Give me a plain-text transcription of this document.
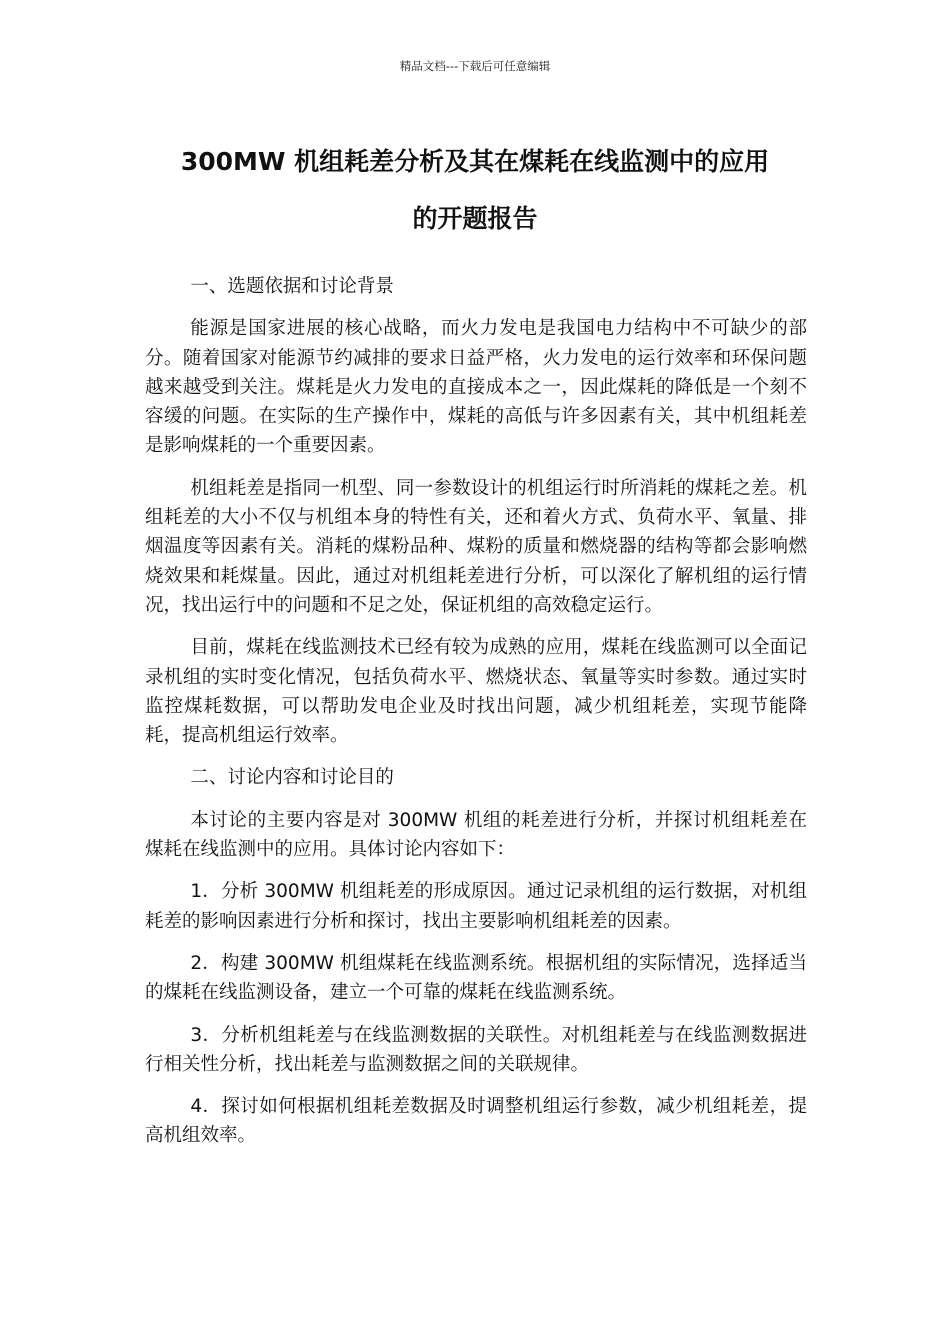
精品文档---下载后可任意编辑
300MW 机组耗差分析及其在煤耗在线监测中的应用
的开题报告

一、选题依据和讨论背景

能源是国家进展的核心战略，而火力发电是我国电力结构中不可缺少的部分。随着国家对能源节约减排的要求日益严格，火力发电的运行效率和环保问题越来越受到关注。煤耗是火力发电的直接成本之一，因此煤耗的降低是一个刻不容缓的问题。在实际的生产操作中，煤耗的高低与许多因素有关，其中机组耗差是影响煤耗的一个重要因素。

机组耗差是指同一机型、同一参数设计的机组运行时所消耗的煤耗之差。机组耗差的大小不仅与机组本身的特性有关，还和着火方式、负荷水平、氧量、排烟温度等因素有关。消耗的煤粉品种、煤粉的质量和燃烧器的结构等都会影响燃烧效果和耗煤量。因此，通过对机组耗差进行分析，可以深化了解机组的运行情况，找出运行中的问题和不足之处，保证机组的高效稳定运行。

目前，煤耗在线监测技术已经有较为成熟的应用，煤耗在线监测可以全面记录机组的实时变化情况，包括负荷水平、燃烧状态、氧量等实时参数。通过实时监控煤耗数据，可以帮助发电企业及时找出问题，减少机组耗差，实现节能降耗，提高机组运行效率。

二、讨论内容和讨论目的

本讨论的主要内容是对 300MW 机组的耗差进行分析，并探讨机组耗差在煤耗在线监测中的应用。具体讨论内容如下：

1．分析 300MW 机组耗差的形成原因。通过记录机组的运行数据，对机组耗差的影响因素进行分析和探讨，找出主要影响机组耗差的因素。

2．构建 300MW 机组煤耗在线监测系统。根据机组的实际情况，选择适当的煤耗在线监测设备，建立一个可靠的煤耗在线监测系统。

3．分析机组耗差与在线监测数据的关联性。对机组耗差与在线监测数据进行相关性分析，找出耗差与监测数据之间的关联规律。

4．探讨如何根据机组耗差数据及时调整机组运行参数，减少机组耗差，提高机组效率。
